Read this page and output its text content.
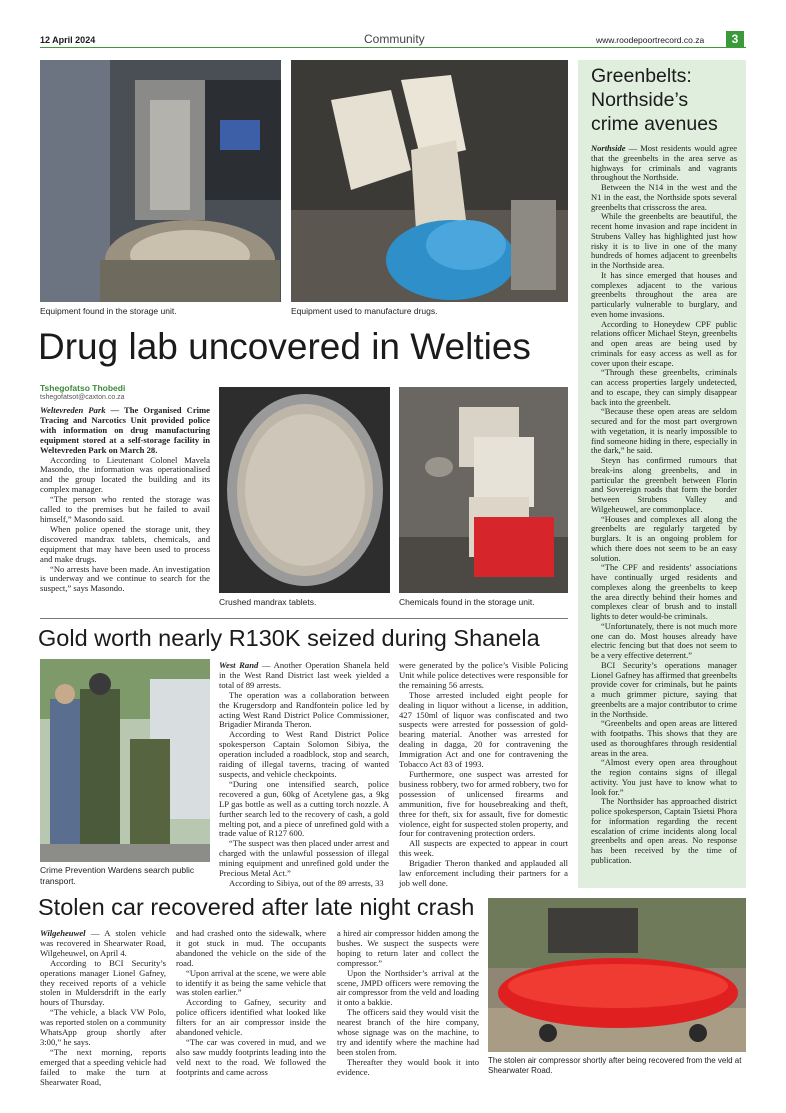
12 April 2024	Community	www.roodepoortrecord.co.za	3
Equipment found in the storage unit.	Equipment used to manufacture drugs.
Drug lab uncovered in Welties
Tshegofatso Thobedi
tshegofatsot@caxton.co.za

Weltevreden Park — The Organised Crime Tracing and Narcotics Unit provided police with information on drug manufacturing equipment stored at a self-storage facility in Weltevreden Park on March 28.

According to Lieutenant Colonel Mavela Masondo, the information was operationalised and the group located the building and its complex manager.

“The person who rented the storage was called to the premises but he failed to avail himself,” Masondo said.

When police opened the storage unit, they discovered mandrax tablets, chemicals, and equipment that may have been used to process and make drugs.

“No arrests have been made. An investigation is underway and we continue to search for the suspect,” says Masondo.

Crushed mandrax tablets.	Chemicals found in the storage unit.
Gold worth nearly R130K seized during Shanela
Crime Prevention Wardens search public transport.

West Rand — Another Operation Shanela held in the West Rand District last week yielded a total of 89 arrests.

The operation was a collaboration between the Krugersdorp and Randfontein police led by acting West Rand District Police Commissioner, Brigadier Miranda Theron.

According to West Rand District Police spokesperson Captain Solomon Sibiya, the operation included a roadblock, stop and search, raiding of illegal taverns, tracing of wanted suspects, and vehicle checkpoints.

“During one intensified search, police recovered a gun, 60kg of Acetylene gas, a 9kg LP gas bottle as well as a cutting torch nozzle. A further search led to the recovery of cash, a gold melting pot, and a piece of unrefined gold with a trade value of R127 600.

“The suspect was then placed under arrest and charged with the unlawful possession of illegal mining equipment and unrefined gold under the Precious Metal Act.”

According to Sibiya, out of the 89 arrests, 33

were generated by the police’s Visible Policing Unit while police detectives were responsible for the remaining 56 arrests.

Those arrested included eight people for dealing in liquor without a license, in addition, 427 150ml of liquor was confiscated and two suspects were arrested for possession of gold-bearing material. Another was arrested for dealing in dagga, 20 for contravening the Immigration Act and one for contravening the Tobacco Act 83 of 1993.

Furthermore, one suspect was arrested for business robbery, two for armed robbery, two for possession of unlicensed firearms and ammunition, five for housebreaking and theft, three for theft, six for assault, five for domestic violence, eight for suspected stolen property, and four for contravening protection orders.

All suspects are expected to appear in court this week.

Brigadier Theron thanked and applauded all law enforcement including their partners for a job well done.

Greenbelts:
Northside’s
crime avenues

Northside — Most residents would agree that the greenbelts in the area serve as highways for criminals and vagrants throughout the Northside.

Between the N14 in the west and the N1 in the east, the Northside spots several greenbelts that crisscross the area.

While the greenbelts are beautiful, the recent home invasion and rape incident in Strubens Valley has highlighted just how risky it is to live in one of the many hundreds of homes adjacent to greenbelts in the Northside area.

It has since emerged that houses and complexes adjacent to the various greenbelts throughout the area are particularly vulnerable to burglary, and even home invasions.

According to Honeydew CPF public relations officer Michael Steyn, greenbelts and open areas are being used by criminals for easy access as well as for cover upon their escape.

“Through these greenbelts, criminals can access properties largely undetected, and to escape, they can simply disappear back into the greenbelt.

“Because these open areas are seldom secured and for the most part overgrown with vegetation, it is nearly impossible to find someone hiding in there, especially in the dark,” he said.

Steyn has confirmed rumours that break-ins along greenbelts, and in particular the greenbelt between Florin and Sovereign roads that form the border between Strubens Valley and Wilgeheuwel, are commonplace.

“Houses and complexes all along the greenbelts are regularly targeted by burglars. It is an ongoing problem for which there does not seem to be an easy solution.

“The CPF and residents’ associations have continually urged residents and complexes along the greenbelts to keep the area directly behind their homes and complexes clear of brush and to install lights to deter would-be criminals.

“Unfortunately, there is not much more one can do. Most houses already have electric fencing but that does not seem to be a very effective deterrent.”

BCI Security’s operations manager Lionel Gafney has affirmed that greenbelts provide cover for criminals, but he paints a much grimmer picture, saying that greenbelts are a major contributor to crime in the Northside.

“Greenbelts and open areas are littered with footpaths. This shows that they are used as thoroughfares through residential areas in the area.

“Almost every open area throughout the region contains signs of illegal activity. You just have to know what to look for.”

The Northsider has approached district police spokesperson, Captain Tsietsi Phora for information regarding the recent escalation of crime incidents along local greenbelts and open areas. No response has been received by the time of publication.

Stolen car recovered after late night crash

Wilgeheuwel — A stolen vehicle was recovered in Shearwater Road, Wilgeheuwel, on April 4.

According to BCI Security’s operations manager Lionel Gafney, they received reports of a vehicle stolen in Muldersdrift in the early hours of Thursday.

“The vehicle, a black VW Polo, was reported stolen on a community WhatsApp group shortly after 3:00,” he says.

“The next morning, reports emerged that a speeding vehicle had failed to make the turn at Shearwater Road,

and had crashed onto the sidewalk, where it got stuck in mud. The occupants abandoned the vehicle on the side of the road.

“Upon arrival at the scene, we were able to identify it as being the same vehicle that was stolen earlier.”

According to Gafney, security and police officers identified what looked like filters for an air compressor inside the abandoned vehicle.

“The car was covered in mud, and we also saw muddy footprints leading into the veld next to the road. We followed the footprints and came across

a hired air compressor hidden among the bushes. We suspect the suspects were hoping to return later and collect the compressor.”

Upon the Northsider’s arrival at the scene, JMPD officers were removing the air compressor from the veld and loading it onto a bakkie.

The officers said they would visit the nearest branch of the hire company, whose signage was on the machine, to try and identify where the machine had been stolen from.

Thereafter they would book it into evidence.

The stolen air compressor shortly after being recovered from the veld at Shearwater Road.
